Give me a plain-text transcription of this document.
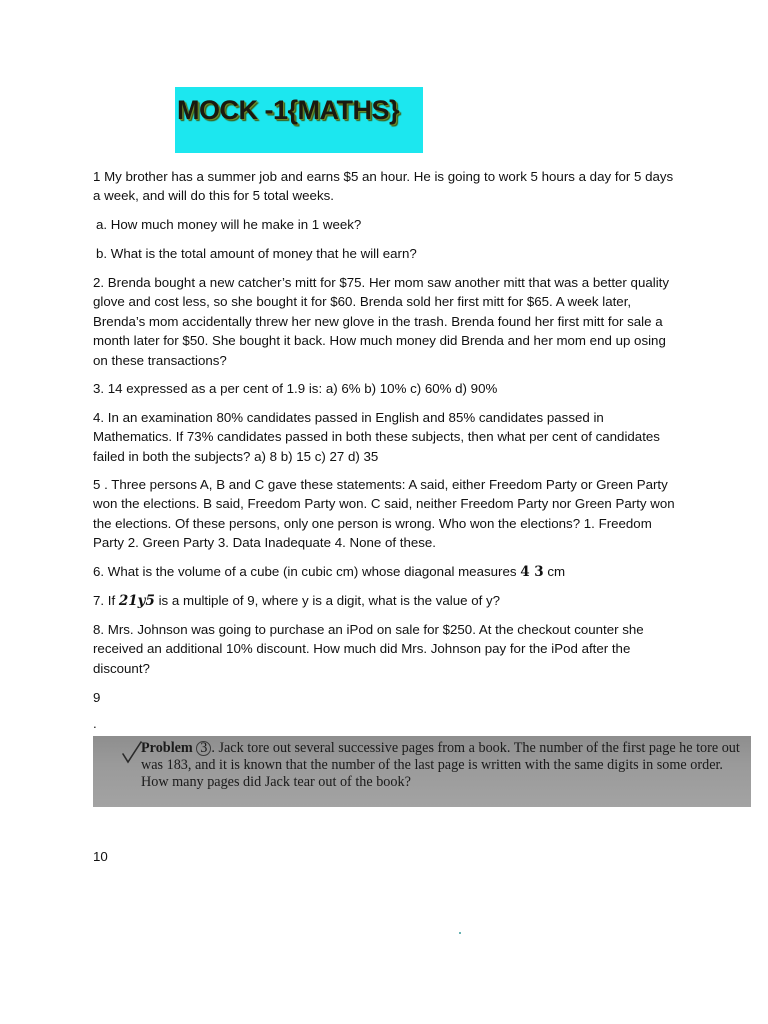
MOCK -1{MATHS}

1 My brother has a summer job and earns $5 an hour. He is going to work 5 hours a day for 5 days a week, and will do this for 5 total weeks.

a. How much money will he make in 1 week?

b. What is the total amount of money that he will earn?

2. Brenda bought a new catcher’s mitt for $75. Her mom saw another mitt that was a better quality glove and cost less, so she bought it for $60. Brenda sold her first mitt for $65. A week later, Brenda’s mom accidentally threw her new glove in the trash. Brenda found her first mitt for sale a month later for $50. She bought it back. How much money did Brenda and her mom end up osing on these transactions?

3. 14 expressed as a per cent of 1.9 is: a) 6% b) 10% c) 60% d) 90%

4. In an examination 80% candidates passed in English and 85% candidates passed in Mathematics. If 73% candidates passed in both these subjects, then what per cent of candidates failed in both the subjects? a) 8 b) 15 c) 27 d) 35

5 . Three persons A, B and C gave these statements: A said, either Freedom Party or Green Party won the elections. B said, Freedom Party won. C said, neither Freedom Party nor Green Party won the elections. Of these persons, only one person is wrong. Who won the elections? 1. Freedom Party 2. Green Party 3. Data Inadequate 4. None of these.

6. What is the volume of a cube (in cubic cm) whose diagonal measures 4 3 cm

7. If 21y5 is a multiple of 9, where y is a digit, what is the value of y?

8. Mrs. Johnson was going to purchase an iPod on sale for $250. At the checkout counter she received an additional 10% discount. How much did Mrs. Johnson pay for the iPod after the discount?

9

.

Problem 3 . Jack tore out several successive pages from a book. The number of the first page he tore out was 183, and it is known that the number of the last page is written with the same digits in some order. How many pages did Jack tear out of the book?

10
